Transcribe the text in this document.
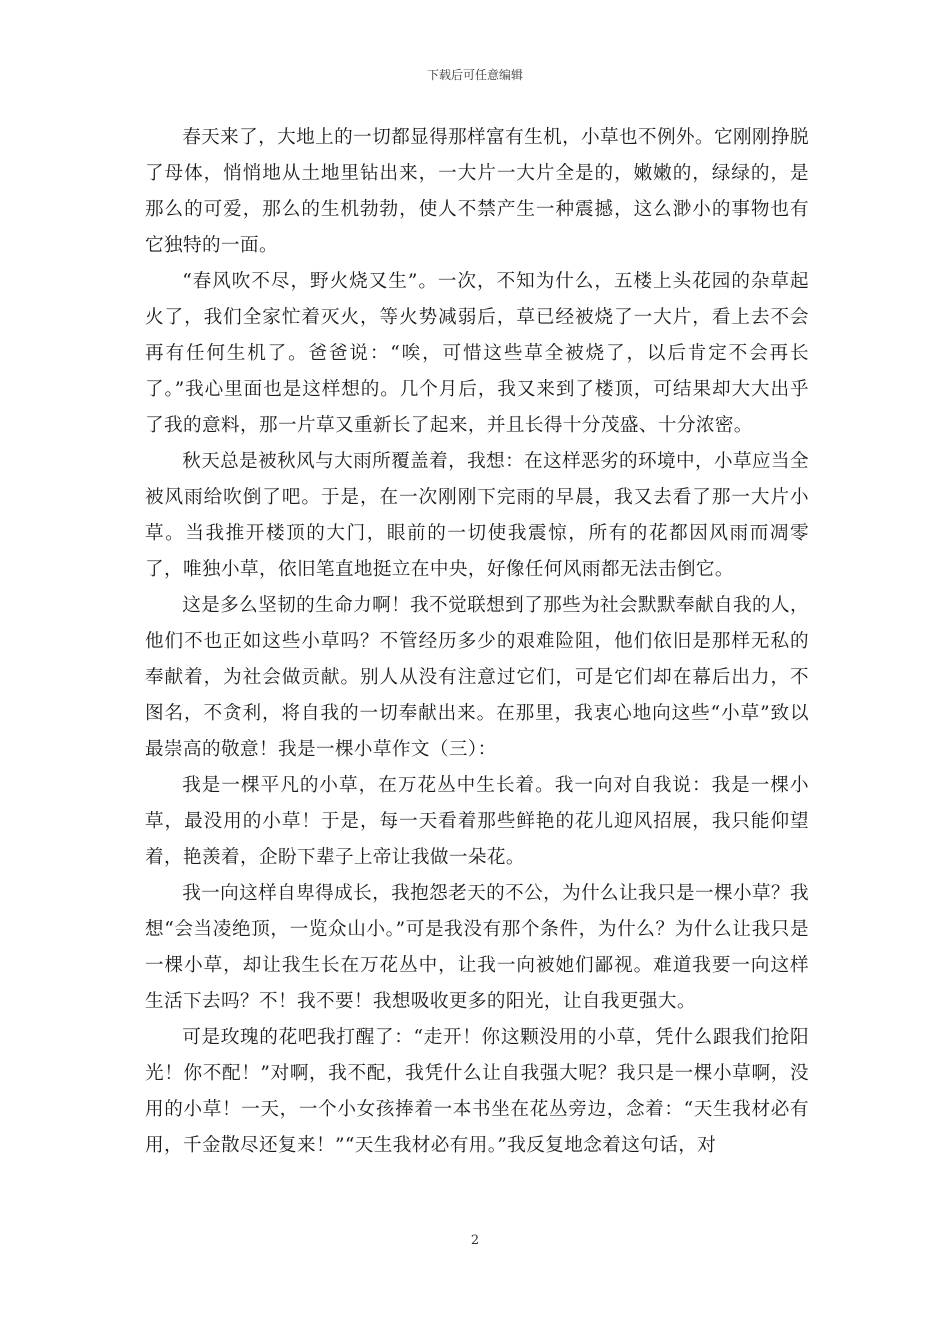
下载后可任意编辑

春天来了，大地上的一切都显得那样富有生机，小草也不例外。它刚刚挣脱了母体，悄悄地从土地里钻出来，一大片一大片全是的，嫩嫩的，绿绿的，是那么的可爱，那么的生机勃勃，使人不禁产生一种震撼，这么渺小的事物也有它独特的一面。

“春风吹不尽，野火烧又生”。一次，不知为什么，五楼上头花园的杂草起火了，我们全家忙着灭火，等火势减弱后，草已经被烧了一大片，看上去不会再有任何生机了。爸爸说：“唉，可惜这些草全被烧了，以后肯定不会再长了。”我心里面也是这样想的。几个月后，我又来到了楼顶，可结果却大大出乎了我的意料，那一片草又重新长了起来，并且长得十分茂盛、十分浓密。

秋天总是被秋风与大雨所覆盖着，我想：在这样恶劣的环境中，小草应当全被风雨给吹倒了吧。于是，在一次刚刚下完雨的早晨，我又去看了那一大片小草。当我推开楼顶的大门，眼前的一切使我震惊，所有的花都因风雨而凋零了，唯独小草，依旧笔直地挺立在中央，好像任何风雨都无法击倒它。

这是多么坚韧的生命力啊！我不觉联想到了那些为社会默默奉献自我的人，他们不也正如这些小草吗？不管经历多少的艰难险阻，他们依旧是那样无私的奉献着，为社会做贡献。别人从没有注意过它们，可是它们却在幕后出力，不图名，不贪利，将自我的一切奉献出来。在那里，我衷心地向这些“小草”致以最崇高的敬意！我是一棵小草作文（三）：

我是一棵平凡的小草，在万花丛中生长着。我一向对自我说：我是一棵小草，最没用的小草！于是，每一天看着那些鲜艳的花儿迎风招展，我只能仰望着，艳羡着，企盼下辈子上帝让我做一朵花。

我一向这样自卑得成长，我抱怨老天的不公，为什么让我只是一棵小草？我想“会当凌绝顶，一览众山小。”可是我没有那个条件，为什么？为什么让我只是一棵小草，却让我生长在万花丛中，让我一向被她们鄙视。难道我要一向这样生活下去吗？不！我不要！我想吸收更多的阳光，让自我更强大。

可是玫瑰的花吧我打醒了：“走开！你这颗没用的小草，凭什么跟我们抢阳光！你不配！”对啊，我不配，我凭什么让自我强大呢？我只是一棵小草啊，没用的小草！一天，一个小女孩捧着一本书坐在花丛旁边，念着：“天生我材必有用，千金散尽还复来！”“天生我材必有用。”我反复地念着这句话，对

2
